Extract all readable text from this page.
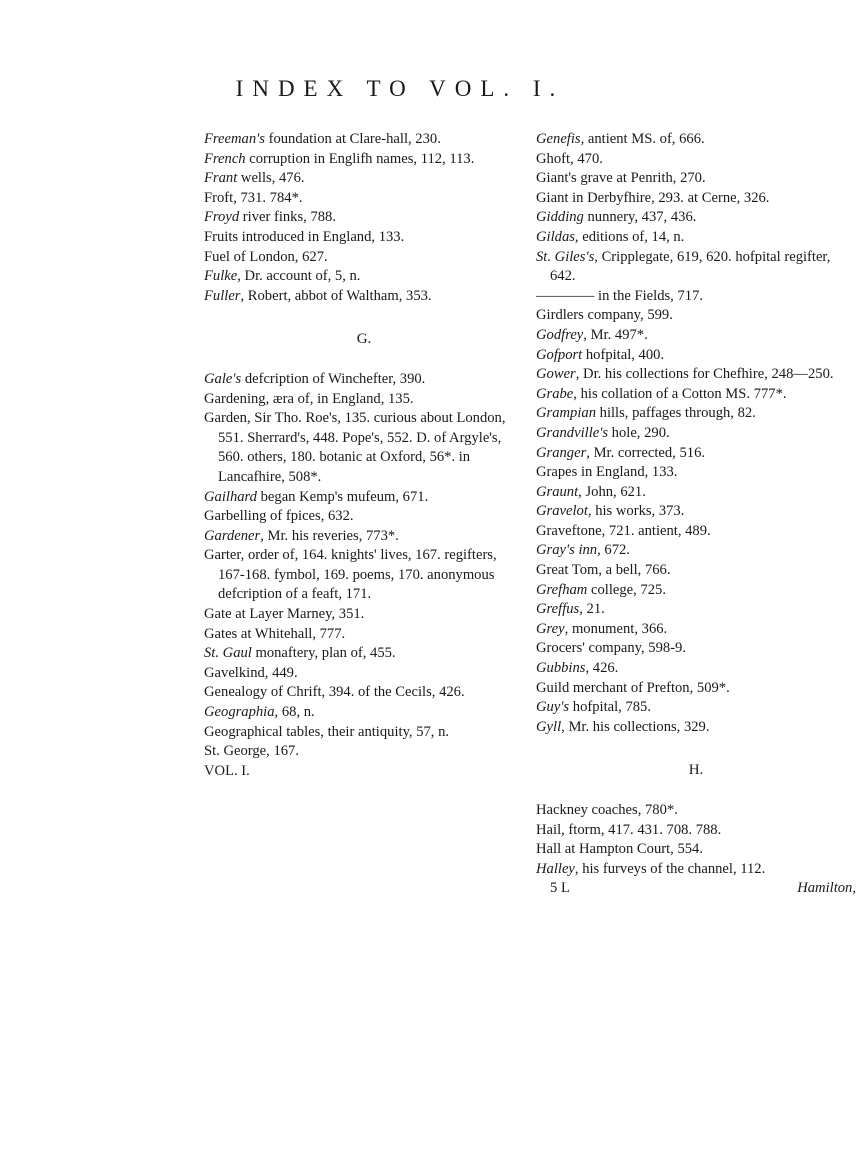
INDEX TO VOL. I.
Freeman's foundation at Clare-hall, 230.
French corruption in Englifh names, 112, 113.
Frant wells, 476.
Froft, 731. 784*.
Froyd river finks, 788.
Fruits introduced in England, 133.
Fuel of London, 627.
Fulke, Dr. account of, 5, n.
Fuller, Robert, abbot of Waltham, 353.
G.
Gale's defcription of Winchefter, 390.
Gardening, æra of, in England, 135.
Garden, Sir Tho. Roe's, 135. curious about London, 551. Sherrard's, 448. Pope's, 552. D. of Argyle's, 560. others, 180. botanic at Oxford, 56*. in Lancafhire, 508*.
Gailhard began Kemp's mufeum, 671.
Garbelling of fpices, 632.
Gardener, Mr. his reveries, 773*.
Garter, order of, 164. knights' lives, 167. regifters, 167-168. fymbol, 169. poems, 170. anonymous defcription of a feaft, 171.
Gate at Layer Marney, 351.
Gates at Whitehall, 777.
St. Gaul monaftery, plan of, 455.
Gavelkind, 449.
Genealogy of Chrift, 394. of the Cecils, 426.
Geographia, 68, n.
Geographical tables, their antiquity, 57, n.
St. George, 167.
VOL. I.
Genefis, antient MS. of, 666.
Ghoft, 470.
Giant's grave at Penrith, 270.
Giant in Derbyfhire, 293. at Cerne, 326.
Gidding nunnery, 437, 436.
Gildas, editions of, 14, n.
St. Giles's, Cripplegate, 619, 620. hofpital regifter, 642.
———— in the Fields, 717.
Girdlers company, 599.
Godfrey, Mr. 497*.
Gofport hofpital, 400.
Gower, Dr. his collections for Chefhire, 248—250.
Grabe, his collation of a Cotton MS. 777*.
Grampian hills, paffages through, 82.
Grandville's hole, 290.
Granger, Mr. corrected, 516.
Grapes in England, 133.
Graunt, John, 621.
Gravelot, his works, 373.
Graveftone, 721. antient, 489.
Gray's inn, 672.
Great Tom, a bell, 766.
Grefham college, 725.
Greffus, 21.
Grey, monument, 366.
Grocers' company, 598-9.
Gubbins, 426.
Guild merchant of Prefton, 509*.
Guy's hofpital, 785.
Gyll, Mr. his collections, 329.
H.
Hackney coaches, 780*.
Hail, ftorm, 417. 431. 708. 788.
Hall at Hampton Court, 554.
Halley, his furveys of the channel, 112.
5 L	Hamilton,
